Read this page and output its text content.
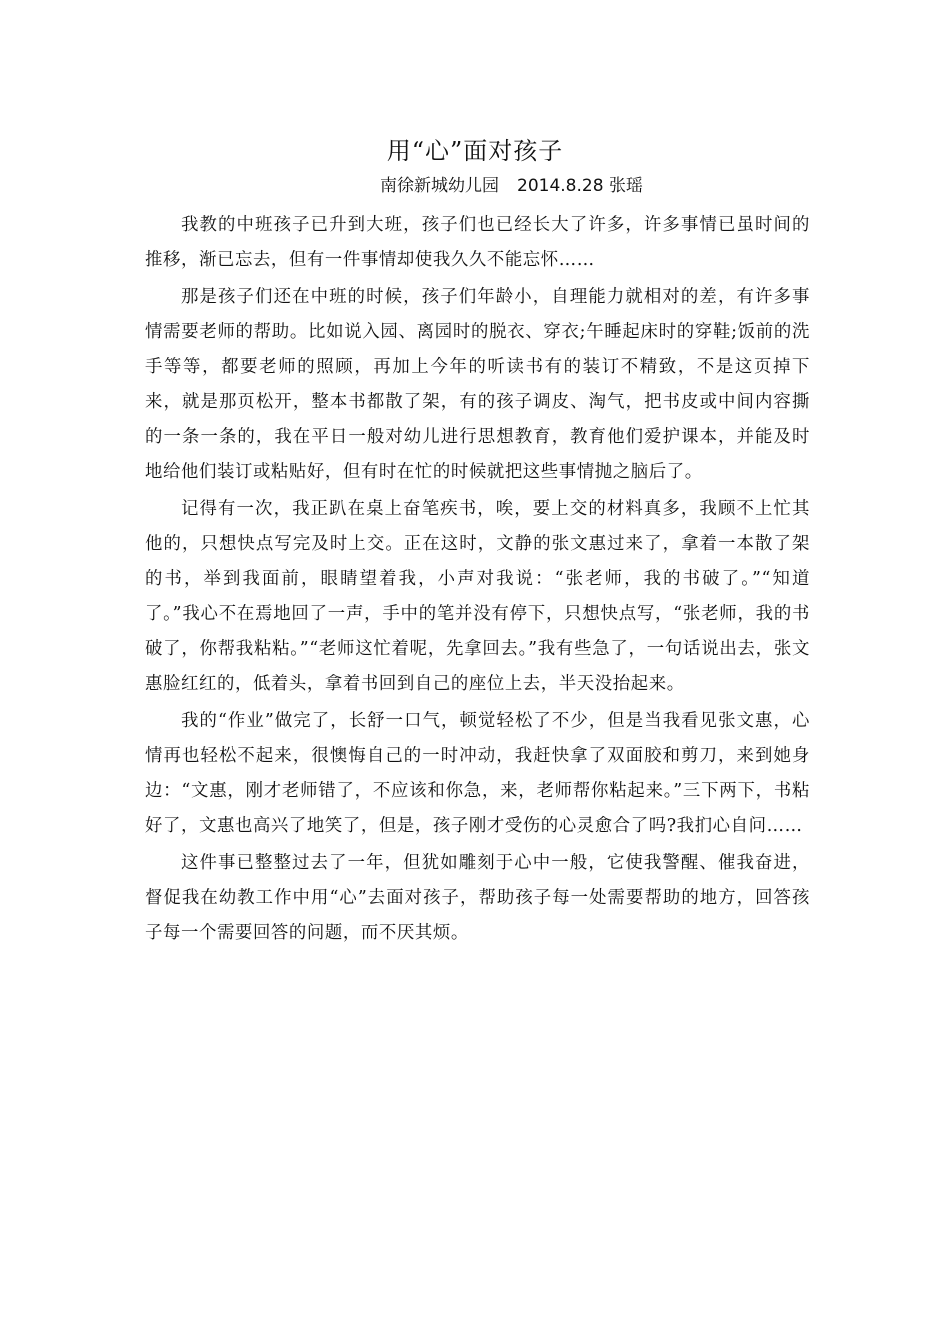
用“心”面对孩子
南徐新城幼儿园 2014.8.28 张瑶

我教的中班孩子已升到大班，孩子们也已经长大了许多，许多事情已虽时间的推移，渐已忘去，但有一件事情却使我久久不能忘怀……

那是孩子们还在中班的时候，孩子们年龄小，自理能力就相对的差，有许多事情需要老师的帮助。比如说入园、离园时的脱衣、穿衣;午睡起床时的穿鞋;饭前的洗手等等，都要老师的照顾，再加上今年的听读书有的装订不精致，不是这页掉下来，就是那页松开，整本书都散了架，有的孩子调皮、淘气，把书皮或中间内容撕的一条一条的，我在平日一般对幼儿进行思想教育，教育他们爱护课本，并能及时地给他们装订或粘贴好，但有时在忙的时候就把这些事情抛之脑后了。

记得有一次，我正趴在桌上奋笔疾书，唉，要上交的材料真多，我顾不上忙其他的，只想快点写完及时上交。正在这时，文静的张文惠过来了，拿着一本散了架的书，举到我面前，眼睛望着我，小声对我说：“张老师，我的书破了。”“知道了。”我心不在焉地回了一声，手中的笔并没有停下，只想快点写，“张老师，我的书破了，你帮我粘粘。”“老师这忙着呢，先拿回去。”我有些急了，一句话说出去，张文惠脸红红的，低着头，拿着书回到自己的座位上去，半天没抬起来。

我的“作业”做完了，长舒一口气，顿觉轻松了不少，但是当我看见张文惠，心情再也轻松不起来，很懊悔自己的一时冲动，我赶快拿了双面胶和剪刀，来到她身边：“文惠，刚才老师错了，不应该和你急，来，老师帮你粘起来。”三下两下，书粘好了，文惠也高兴了地笑了，但是，孩子刚才受伤的心灵愈合了吗?我扪心自问……

这件事已整整过去了一年，但犹如雕刻于心中一般，它使我警醒、催我奋进，督促我在幼教工作中用“心”去面对孩子，帮助孩子每一处需要帮助的地方，回答孩子每一个需要回答的问题，而不厌其烦。
